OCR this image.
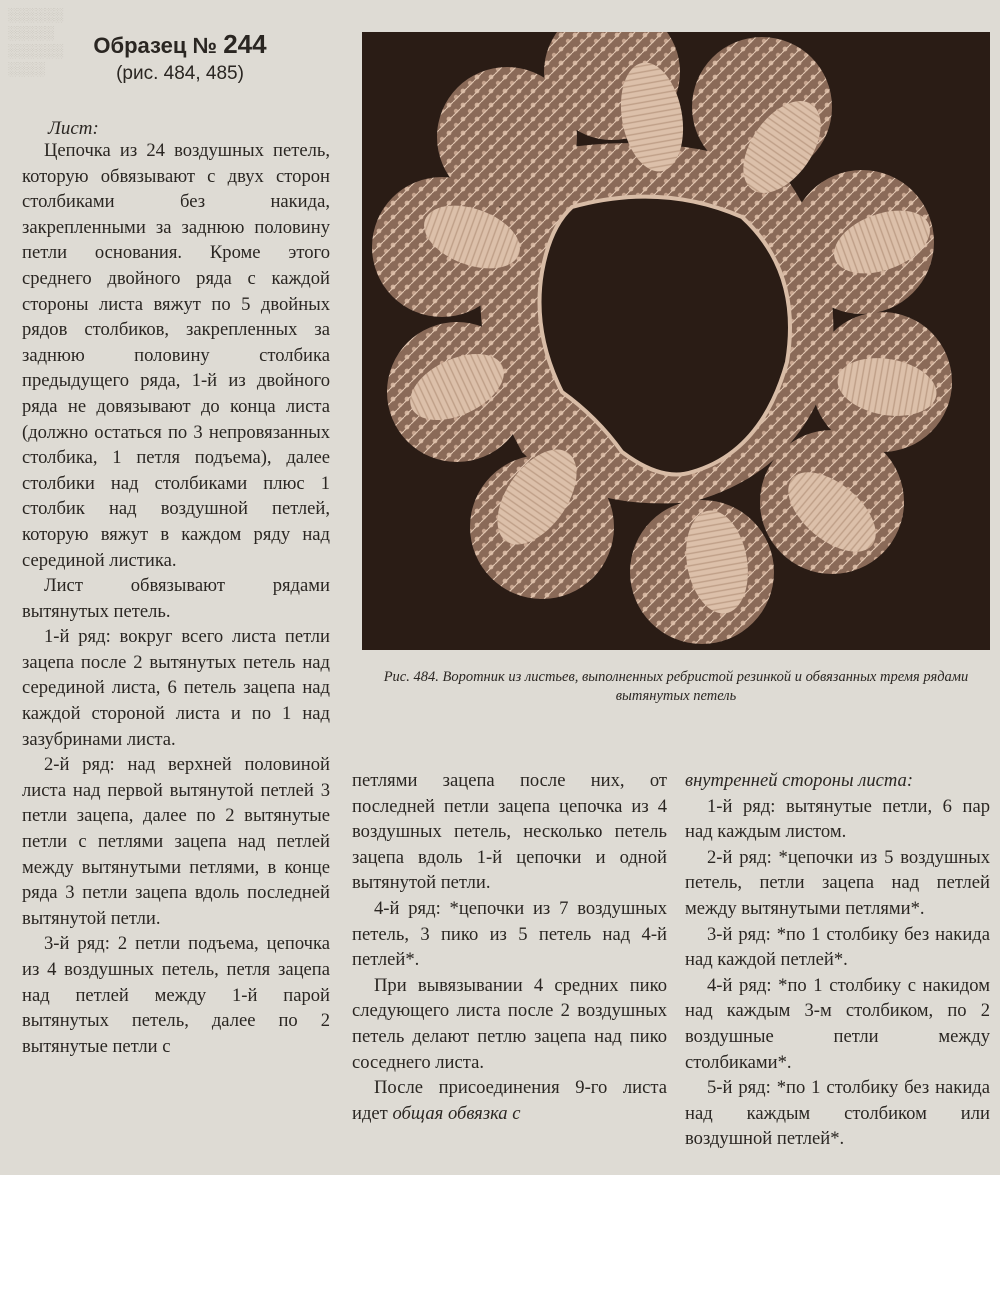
░░░░░░
░░░░░
░░░░░░
░░░░

Образец № 244
(рис. 484, 485)
Лист:

Цепочка из 24 воздушных петель, которую обвязывают с двух сторон столбиками без накида, закрепленными за заднюю половину петли основания. Кроме этого среднего двойного ряда с каждой стороны листа вяжут по 5 двойных рядов столбиков, закрепленных за заднюю половину столбика предыдущего ряда, 1-й из двойного ряда не довязывают до конца листа (должно остаться по 3 непровязанных столбика, 1 петля подъема), далее столбики над столбиками плюс 1 столбик над воздушной петлей, которую вяжут в каждом ряду над серединой листика.

Лист обвязывают рядами вытянутых петель.

1-й ряд: вокруг всего листа петли зацепа после 2 вытянутых петель над серединой листа, 6 петель зацепа над каждой стороной листа и по 1 над зазубринами листа.

2-й ряд: над верхней половиной листа над первой вытянутой петлей 3 петли зацепа, далее по 2 вытянутые петли с петлями зацепа над петлей между вытянутыми петлями, в конце ряда 3 петли зацепа вдоль последней вытянутой петли.

3-й ряд: 2 петли подъема, цепочка из 4 воздушных петель, петля зацепа над петлей между 1-й парой вытянутых петель, далее по 2 вытянутые петли с

Рис. 484. Воротник из листьев, выполненных ребристой резинкой и обвязанных тремя рядами вытянутых петель

петлями зацепа после них, от последней петли зацепа цепочка из 4 воздушных петель, несколько петель зацепа вдоль 1-й цепочки и одной вытянутой петли.

4-й ряд: *цепочки из 7 воздушных петель, 3 пико из 5 петель над 4-й петлей*.

При вывязывании 4 средних пико следующего листа после 2 воздушных петель делают петлю зацепа над пико соседнего листа.

После присоединения 9-го листа идет общая обвязка с

внутренней стороны листа:

1-й ряд: вытянутые петли, 6 пар над каждым листом.

2-й ряд: *цепочки из 5 воздушных петель, петли зацепа над петлей между вытянутыми петлями*.

3-й ряд: *по 1 столбику без накида над каждой петлей*.

4-й ряд: *по 1 столбику с накидом над каждым 3-м столбиком, по 2 воздушные петли между столбиками*.

5-й ряд: *по 1 столбику без накида над каждым столбиком или воздушной петлей*.
